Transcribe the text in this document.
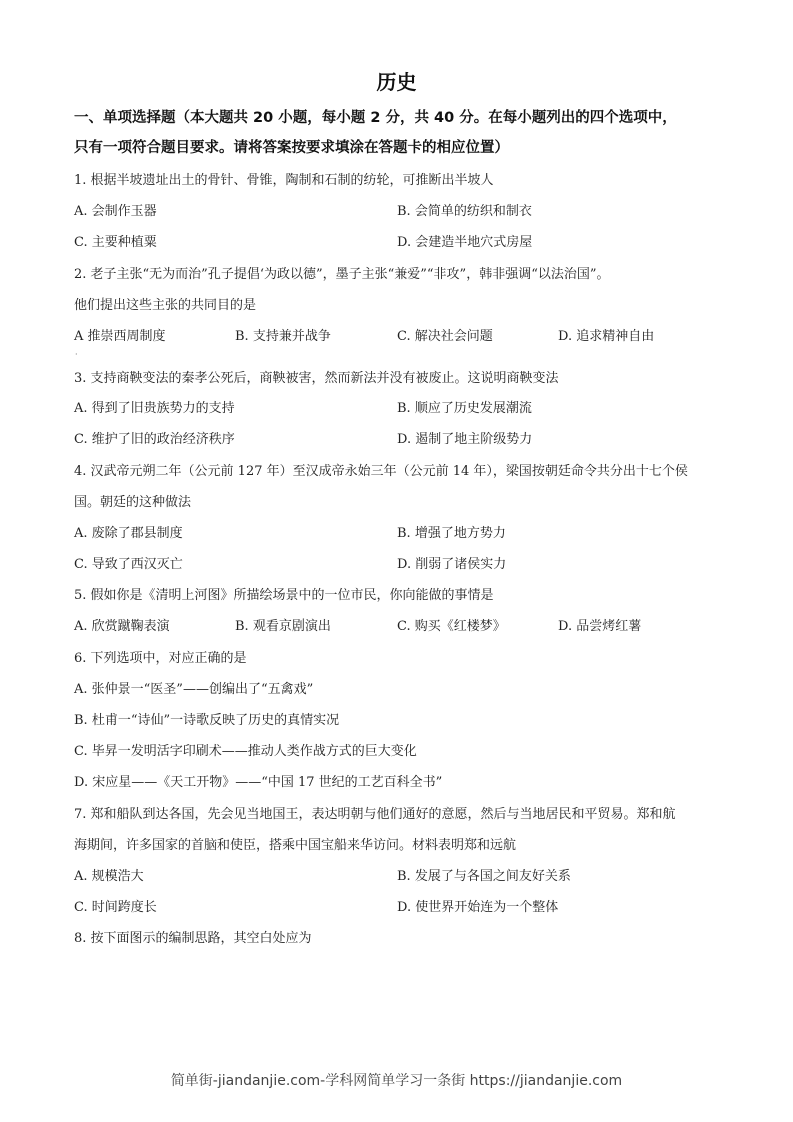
历史
一、单项选择题（本大题共 20 小题，每小题 2 分，共 40 分。在每小题列出的四个选项中，
只有一项符合题目要求。请将答案按要求填涂在答题卡的相应位置）
1. 根据半坡遗址出土的骨针、骨锥，陶制和石制的纺轮，可推断出半坡人
A. 会制作玉器	B. 会简单的纺织和制衣
C. 主要种植粟	D. 会建造半地穴式房屋
2. 老子主张“无为而治”孔子提倡‘为政以德”，墨子主张“兼爱”“非攻”，韩非强调“以法治国”。
他们提出这些主张的共同目的是
A 推崇西周制度	B. 支持兼并战争	C. 解决社会问题	D. 追求精神自由
·
3. 支持商鞅变法的秦孝公死后，商鞅被害，然而新法并没有被废止。这说明商鞅变法
A. 得到了旧贵族势力的支持	B. 顺应了历史发展潮流
C. 维护了旧的政治经济秩序	D. 遏制了地主阶级势力
4. 汉武帝元朔二年（公元前 127 年）至汉成帝永始三年（公元前 14 年），梁国按朝廷命令共分出十七个侯
国。朝廷的这种做法
A. 废除了郡县制度	B. 增强了地方势力
C. 导致了西汉灭亡	D. 削弱了诸侯实力
5. 假如你是《清明上河图》所描绘场景中的一位市民，你向能做的事情是
A. 欣赏蹴鞠表演	B. 观看京剧演出	C. 购买《红楼梦》	D. 品尝烤红薯
6. 下列选项中，对应正确的是
A. 张仲景一“医圣”——创编出了“五禽戏”
B. 杜甫一“诗仙”一诗歌反映了历史的真情实况
C. 毕昇一发明活字印刷术——推动人类作战方式的巨大变化
D. 宋应星——《天工开物》——“中国 17 世纪的工艺百科全书”
7. 郑和船队到达各国，先会见当地国王，表达明朝与他们通好的意愿，然后与当地居民和平贸易。郑和航
海期间，许多国家的首脑和使臣，搭乘中国宝船来华访问。材料表明郑和远航
A. 规模浩大	B. 发展了与各国之间友好关系
C. 时间跨度长	D. 使世界开始连为一个整体
8. 按下面图示的编制思路，其空白处应为
简单街-jiandanjie.com-学科网简单学习一条街 https://jiandanjie.com
